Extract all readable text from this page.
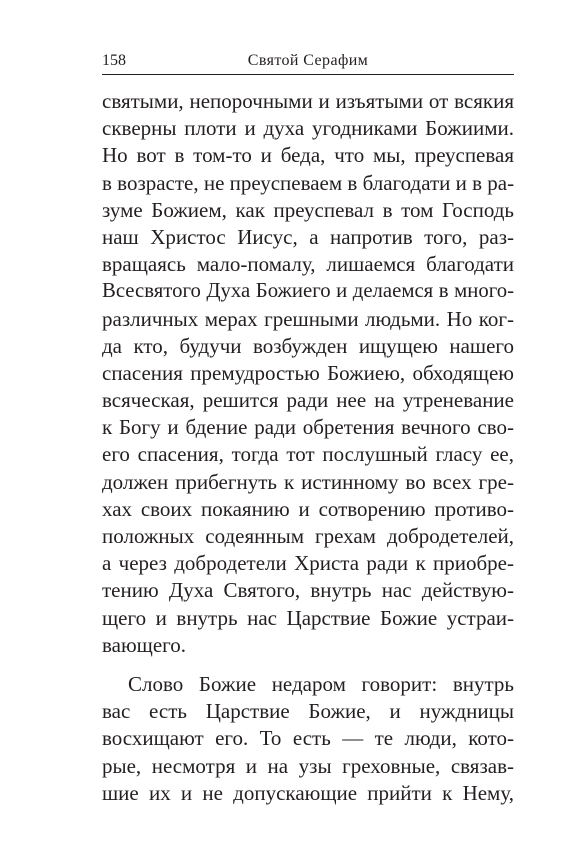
158	Святой Серафим
святыми, непорочными и изъятыми от всякия
скверны плоти и духа угодниками Божиими.
Но вот в том-то и беда, что мы, преуспевая
в возрасте, не преуспеваем в благодати и в ра-
зуме Божием, как преуспевал в том Господь
наш Христос Иисус, а напротив того, раз-
вращаясь мало-помалу, лишаемся благодати
Всесвятого Духа Божиего и делаемся в много-
различных мерах грешными людьми. Но ког-
да кто, будучи возбужден ищущею нашего
спасения премудростью Божиею, обходящею
всяческая, решится ради нее на утреневание
к Богу и бдение ради обретения вечного сво-
его спасения, тогда тот послушный гласу ее,
должен прибегнуть к истинному во всех гре-
хах своих покаянию и сотворению противо-
положных содеянным грехам добродетелей,
а через добродетели Христа ради к приобре-
тению Духа Святого, внутрь нас действую-
щего и внутрь нас Царствие Божие устраи-
вающего.
Слово Божие недаром говорит: внутрь
вас есть Царствие Божие, и нуждницы
восхищают его. То есть — те люди, кото-
рые, несмотря и на узы греховные, связав-
шие их и не допускающие прийти к Нему,
